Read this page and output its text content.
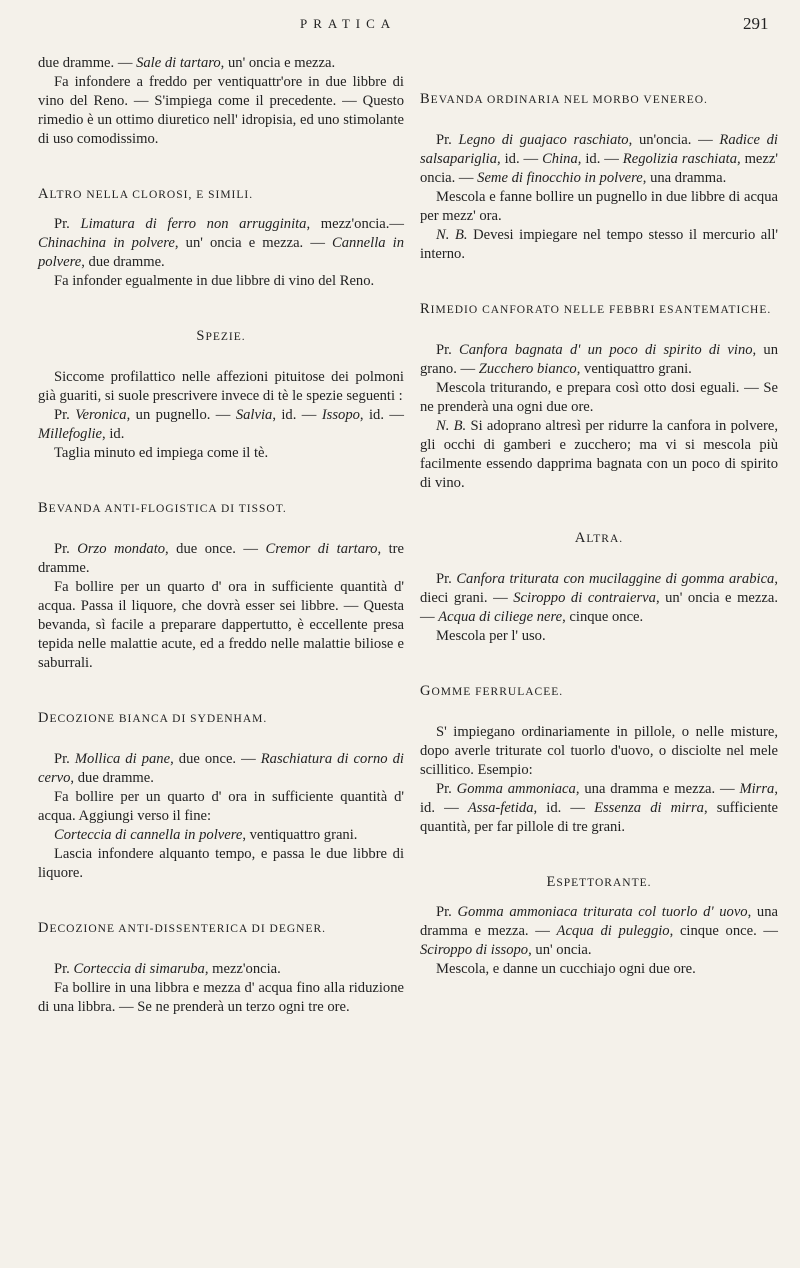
PRATICA	291

due dramme. — Sale di tartaro, un' oncia e mezza.

Fa infondere a freddo per ventiquattr'ore in due libbre di vino del Reno. — S'impiega come il precedente. — Questo rimedio è un ottimo diuretico nell' idropisia, ed uno stimolante di uso comodissimo.

ALTRO NELLA CLOROSI, E SIMILI.

Pr. Limatura di ferro non arrugginita, mezz'oncia.— Chinachina in polvere, un' oncia e mezza. — Cannella in polvere, due dramme.

Fa infonder egualmente in due libbre di vino del Reno.

SPEZIE.

Siccome profilattico nelle affezioni pituitose dei polmoni già guariti, si suole prescrivere invece di tè le spezie seguenti :

Pr. Veronica, un pugnello. — Salvia, id. — Issopo, id. — Millefoglie, id.

Taglia minuto ed impiega come il tè.

BEVANDA ANTI-FLOGISTICA DI TISSOT.

Pr. Orzo mondato, due once. — Cremor di tartaro, tre dramme.

Fa bollire per un quarto d' ora in sufficiente quantità d' acqua. Passa il liquore, che dovrà esser sei libbre. — Questa bevanda, sì facile a preparare dappertutto, è eccellente presa tepida nelle malattie acute, ed a freddo nelle malattie biliose e saburrali.

DECOZIONE BIANCA DI SYDENHAM.

Pr. Mollica di pane, due once. — Raschiatura di corno di cervo, due dramme.

Fa bollire per un quarto d' ora in sufficiente quantità d' acqua. Aggiungi verso il fine:

Corteccia di cannella in polvere, ventiquattro grani.

Lascia infondere alquanto tempo, e passa le due libbre di liquore.

DECOZIONE ANTI-DISSENTERICA DI DEGNER.

Pr. Corteccia di simaruba, mezz'oncia.

Fa bollire in una libbra e mezza d' acqua fino alla riduzione di una libbra. — Se ne prenderà un terzo ogni tre ore.

BEVANDA ORDINARIA NEL MORBO VENEREO.

Pr. Legno di guajaco raschiato, un'oncia. — Radice di salsapariglia, id. — China, id. — Regolizia raschiata, mezz' oncia. — Seme di finocchio in polvere, una dramma.

Mescola e fanne bollire un pugnello in due libbre di acqua per mezz' ora.

N. B. Devesi impiegare nel tempo stesso il mercurio all' interno.

RIMEDIO CANFORATO NELLE FEBBRI ESANTEMATICHE.

Pr. Canfora bagnata d' un poco di spirito di vino, un grano. — Zucchero bianco, ventiquattro grani.

Mescola triturando, e prepara così otto dosi eguali. — Se ne prenderà una ogni due ore.

N. B. Si adoprano altresì per ridurre la canfora in polvere, gli occhi di gamberi e zucchero; ma vi si mescola più facilmente essendo dapprima bagnata con un poco di spirito di vino.

ALTRA.

Pr. Canfora triturata con mucilaggine di gomma arabica, dieci grani. — Sciroppo di contraierva, un' oncia e mezza. — Acqua di ciliege nere, cinque once.

Mescola per l' uso.

GOMME FERRULACEE.

S' impiegano ordinariamente in pillole, o nelle misture, dopo averle triturate col tuorlo d'uovo, o disciolte nel mele scillitico. Esempio:

Pr. Gomma ammoniaca, una dramma e mezza. — Mirra, id. — Assa-fetida, id. — Essenza di mirra, sufficiente quantità, per far pillole di tre grani.

ESPETTORANTE.

Pr. Gomma ammoniaca triturata col tuorlo d' uovo, una dramma e mezza. — Acqua di puleggio, cinque once. — Sciroppo di issopo, un' oncia.

Mescola, e danne un cucchiajo ogni due ore.
